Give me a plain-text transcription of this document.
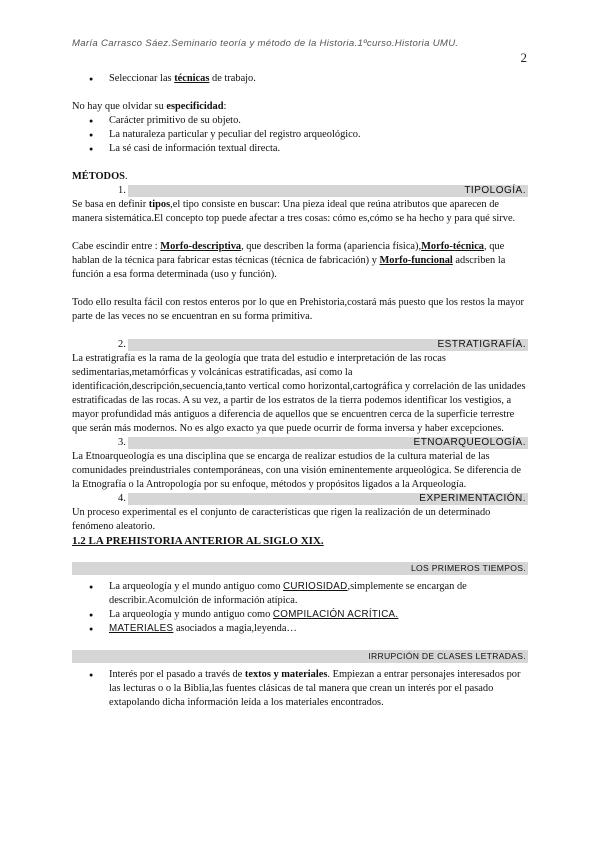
María Carrasco Sáez.Seminario teoría y método de la Historia.1ºcurso.Historia UMU.
2
● Seleccionar las técnicas de trabajo.

No hay que olvidar su especificidad:

● Carácter primitivo de su objeto.
● La naturaleza particular y peculiar del registro arqueológico.
● La sé casi de información textual directa.

MÉTODOS.

1.	TIPOLOGÍA.

Se basa en definir tipos,el tipo consiste en buscar: Una pieza ideal que reúna atributos que aparecen de manera sistemática.El concepto top puede afectar a tres cosas: cómo es,cómo se ha hecho y para qué sirve.

Cabe escindir entre : Morfo-descriptiva, que describen la forma (apariencia física),Morfo-técnica, que hablan de la técnica para fabricar estas técnicas (técnica de fabricación) y Morfo-funcional adscriben la función a esa forma determinada (uso y función).

Todo ello resulta fácil con restos enteros por lo que en Prehistoria,costará más puesto que los restos la mayor parte de las veces no se encuentran en su forma primitiva.

2.	ESTRATIGRAFÍA.

La estratigrafía es la rama de la geología que trata del estudio e interpretación de las rocas sedimentarias,metamórficas y volcánicas estratificadas, así como la identificación,descripción,secuencia,tanto vertical como horizontal,cartográfica y correlación de las unidades estratificadas de las rocas. A su vez, a partir de los estratos de la tierra podemos identificar los vestigios, a mayor profundidad más antiguos a diferencia de aquellos que se encuentren cerca de la superficie terrestre que serán más modernos. No es algo exacto ya que puede ocurrir de forma inversa y haber excepciones.

3.	ETNOARQUEOLOGÍA.

La Etnoarqueología es una disciplina que se encarga de realizar estudios de la cultura material de las comunidades preindustriales contemporáneas, con una visión eminentemente arqueológica. Se diferencia de la Etnografía o la Antropología por su enfoque, métodos y propósitos ligados a la Arqueología.

4.	EXPERIMENTACIÓN.

Un proceso experimental es el conjunto de características que rigen la realización de un determinado fenómeno aleatorio.

1.2 LA PREHISTORIA ANTERIOR AL SIGLO XIX.

LOS PRIMEROS TIEMPOS.
● La arqueología y el mundo antiguo como CURIOSIDAD,simplemente se encargan de describir.Acomulción de información atípica.
● La arqueología y mundo antiguo como COMPILACIÓN ACRÍTICA.
● MATERIALES asociados a magia,leyenda…
IRRUPCIÓN DE CLASES LETRADAS.
● Interés por el pasado a través de textos y materiales. Empiezan a entrar personajes interesados por las lecturas o o la Biblia,las fuentes clásicas de tal manera que crean un interés por el pasado extapolando dicha información leída a los materiales encontrados.
